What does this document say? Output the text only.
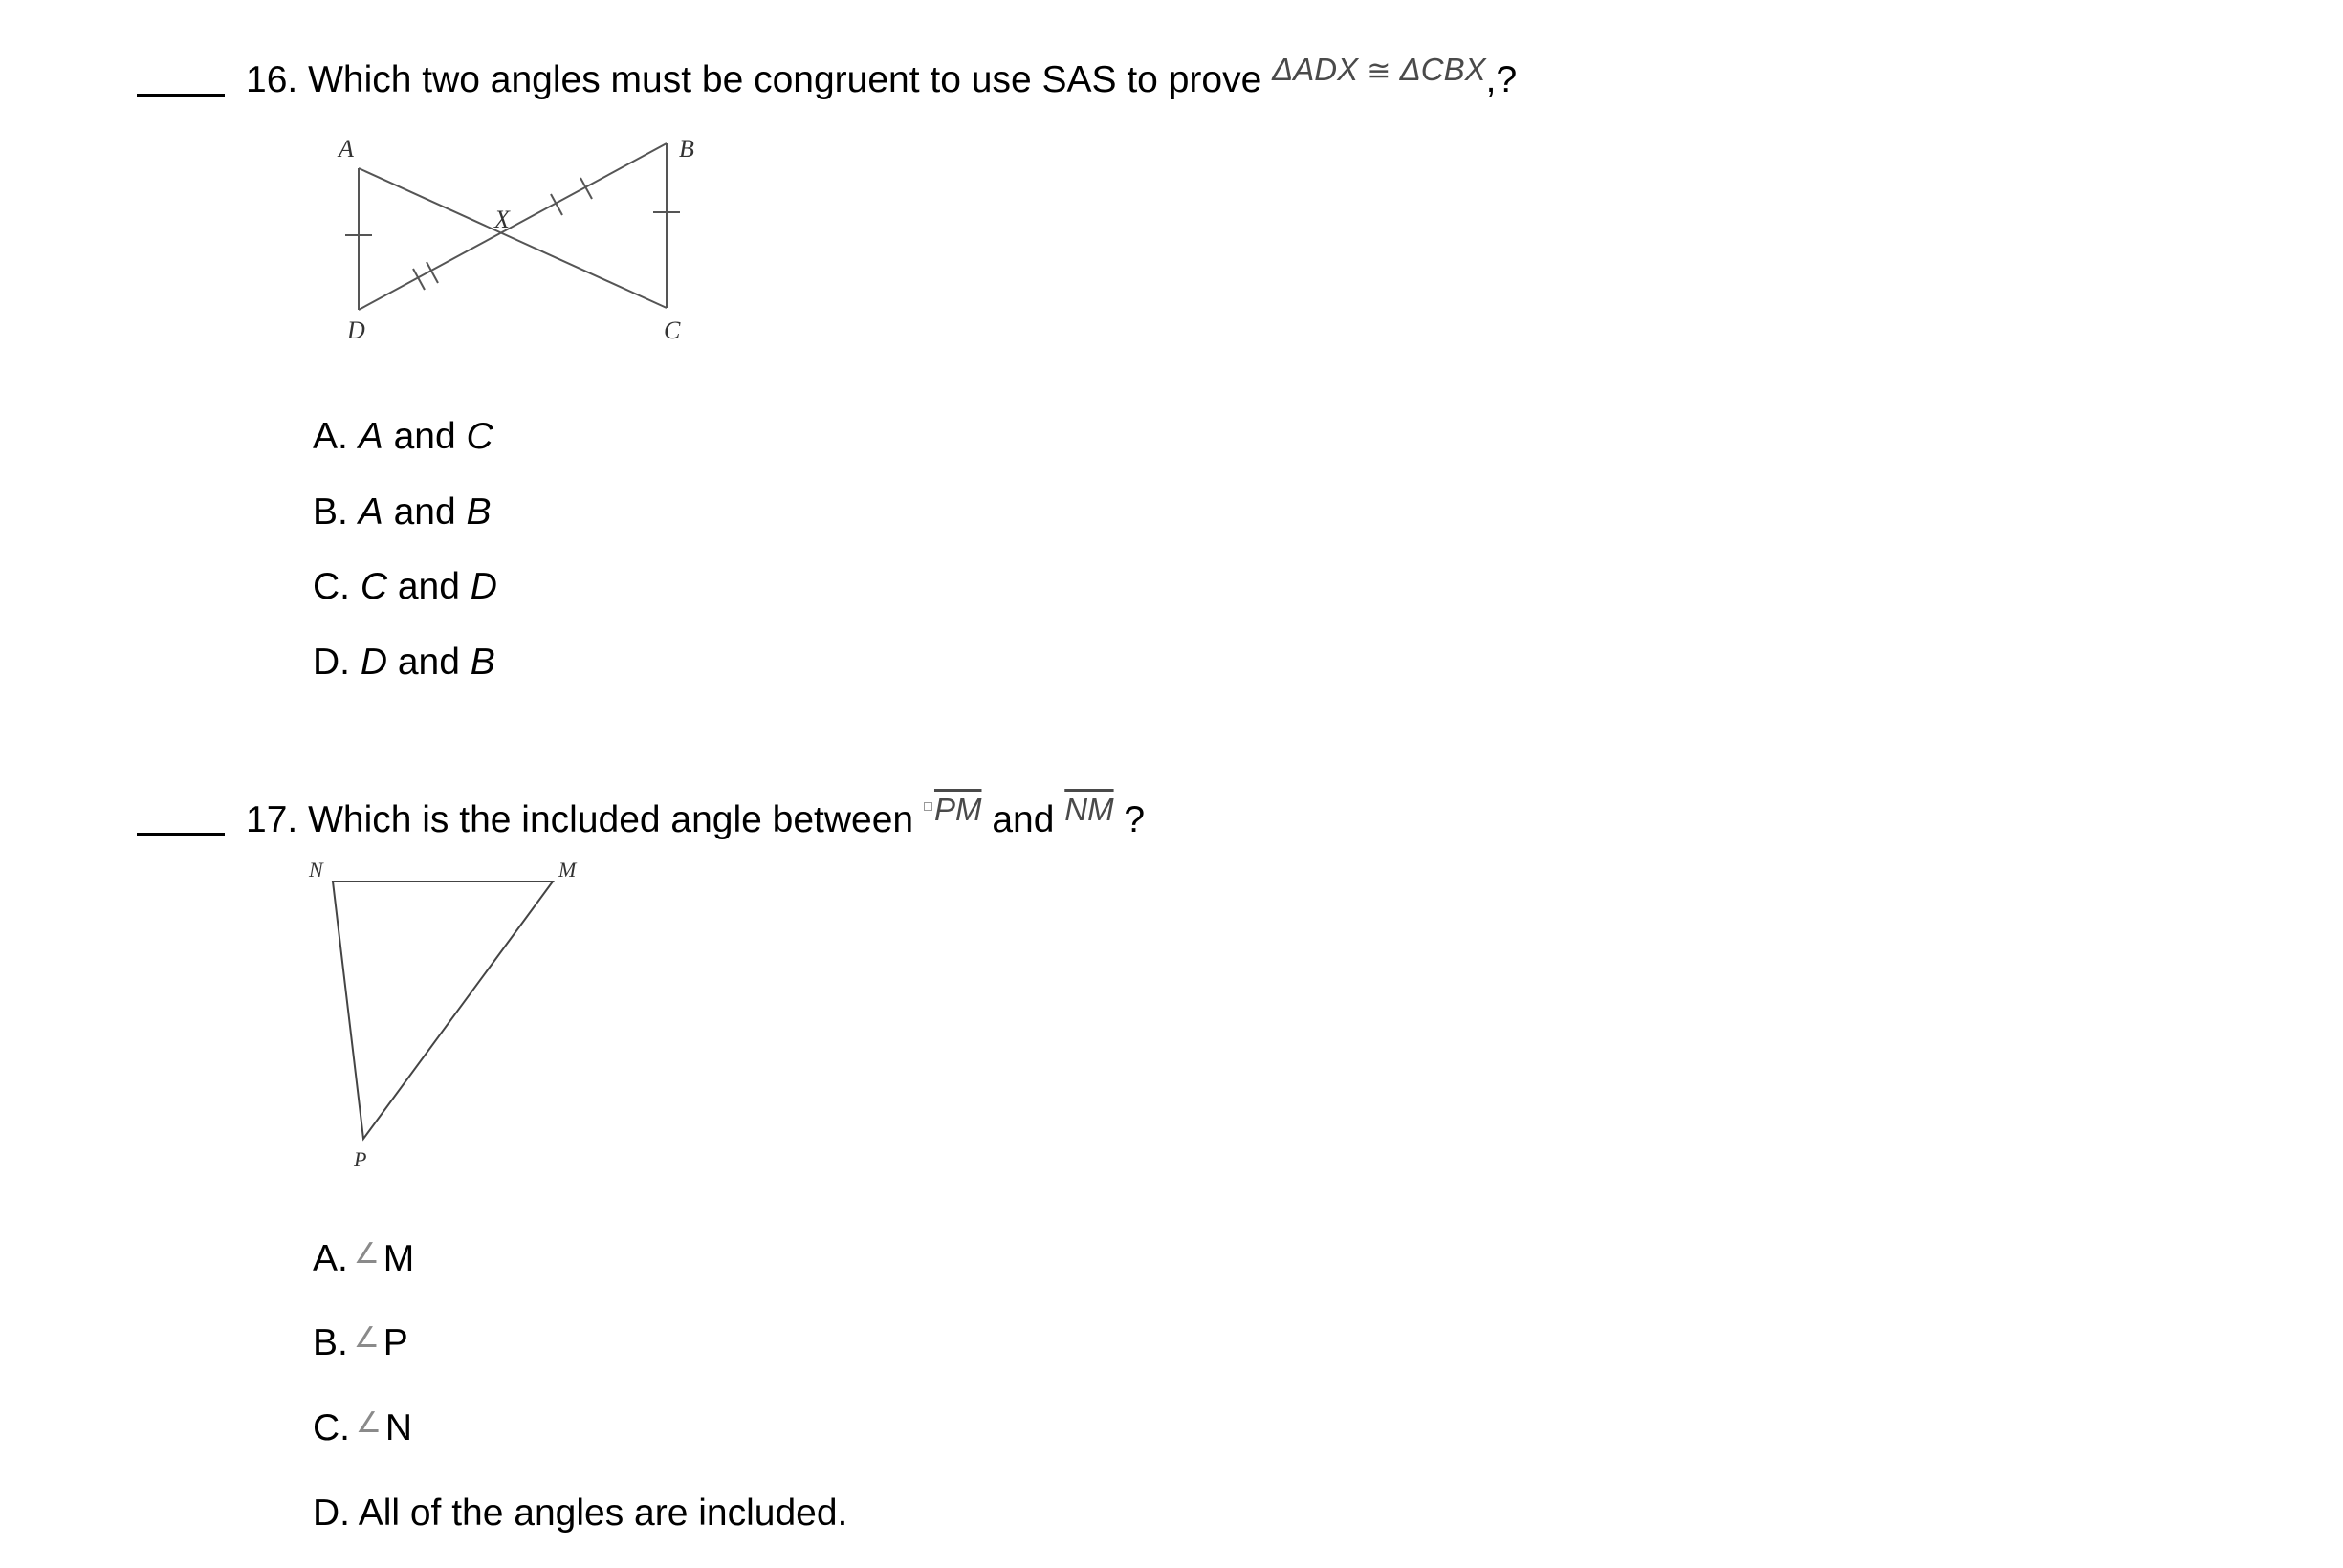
16. Which two angles must be congruent to use SAS to prove $^{\Delta ADX ≅ \Delta CBX}$,?
A	B
X
D	C
A. A and C
B. A and B
C. C and D
D. D and B
17. Which is the included angle between $^{\overline{PM}}$ and $^{\overline{NM}}$ ?
N	M
P
A. ∠ M
B. ∠ P
C. ∠ N
D. All of the angles are included.
